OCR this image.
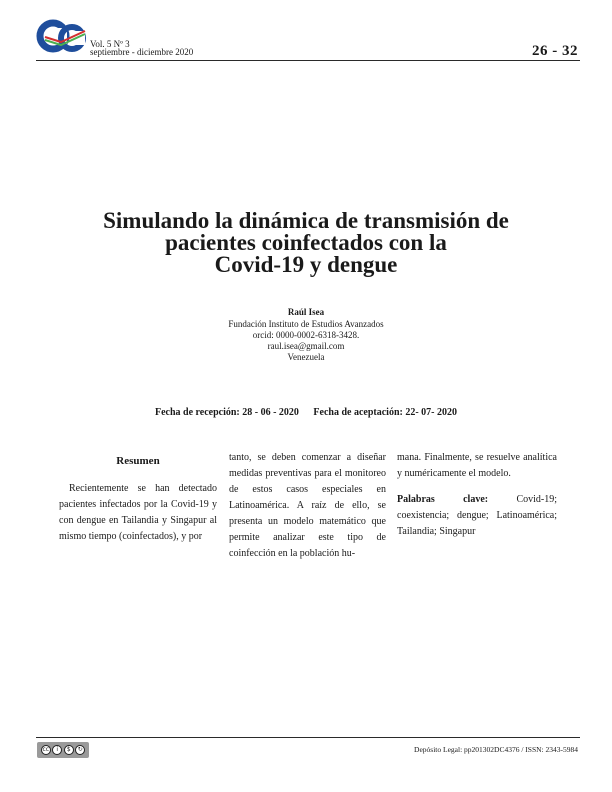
Vol. 5 Nº 3
septiembre - diciembre 2020	26 - 32
Simulando la dinámica de transmisión de
pacientes coinfectados con la
Covid-19 y dengue
Raúl Isea
Fundación Instituto de Estudios Avanzados
orcid: 0000-0002-6318-3428.
raul.isea@gmail.com
Venezuela
Fecha de recepción: 28 - 06 - 2020 Fecha de aceptación: 22- 07- 2020
Resumen

Recientemente se han detectado pacientes infectados por la Covid-19 y con dengue en Tailandia y Singapur al mismo tiempo (coinfectados), y por

tanto, se deben comenzar a diseñar medidas preventivas para el monitoreo de estos casos especiales en Latinoamérica. A raíz de ello, se presenta un modelo matemático que permite analizar este tipo de coinfección en la población hu-

mana. Finalmente, se resuelve analítica y numéricamente el modelo.

Palabras clave:	Covid-19; coexistencia; dengue; Latinoamérica; Tailandia; Singapur

cc	i	$	↻	Depósito Legal: pp201302DC4376 / ISSN: 2343-5984
